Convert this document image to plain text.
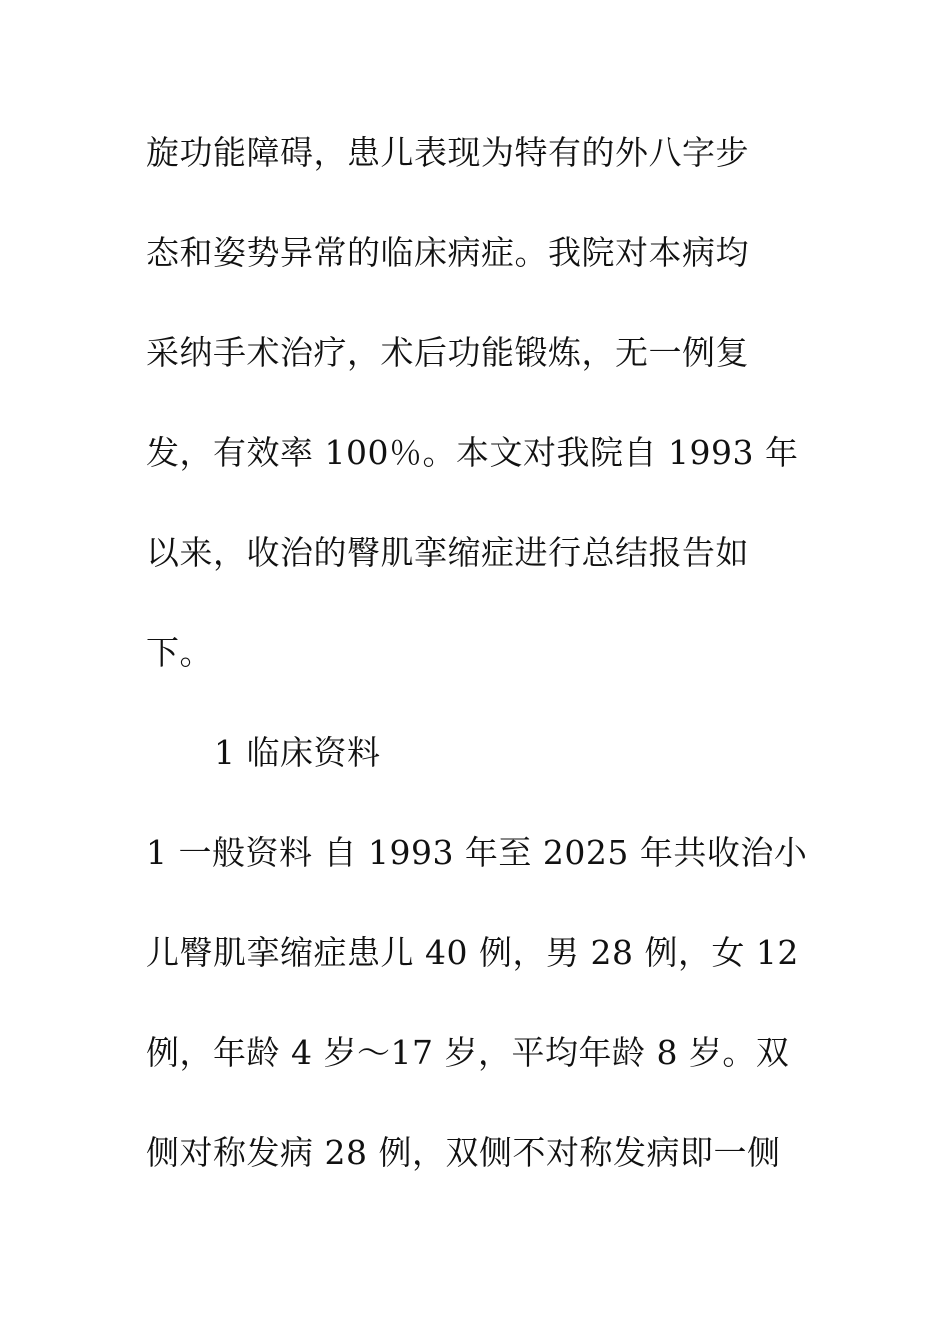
旋功能障碍，患儿表现为特有的外八字步
态和姿势异常的临床病症。我院对本病均
采纳手术治疗，术后功能锻炼，无一例复
发，有效率 100％。本文对我院自 1993 年
以来，收治的臀肌挛缩症进行总结报告如
下。
1 临床资料
1 一般资料 自 1993 年至 2025 年共收治小
儿臀肌挛缩症患儿 40 例，男 28 例，女 12
例，年龄 4 岁～17 岁，平均年龄 8 岁。双
侧对称发病 28 例，双侧不对称发病即一侧
